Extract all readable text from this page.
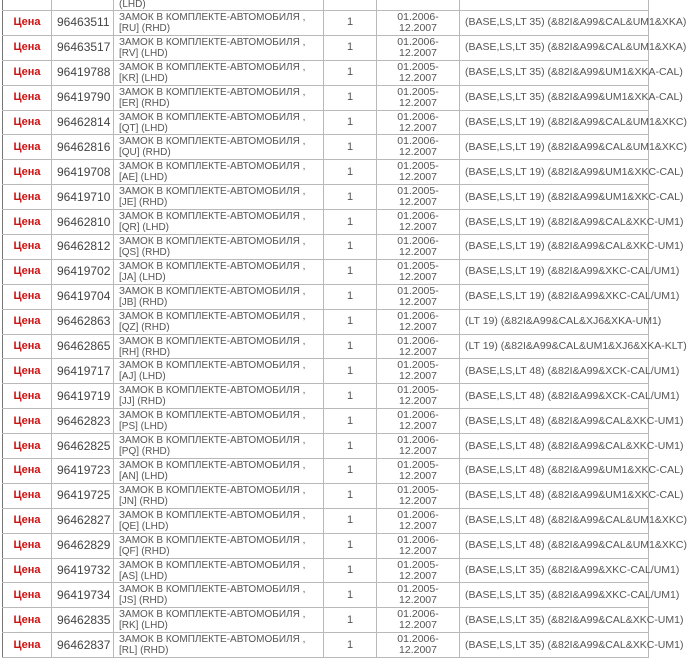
		(LHD)			
Цена	96463511	ЗАМОК В КОМПЛЕКТЕ-АВТОМОБИЛЯ ,[RU] (RHD)	1	01.2006-12.2007	(BASE,LS,LT 35) (&82I&A99&CAL&UM1&XKA)
Цена	96463517	ЗАМОК В КОМПЛЕКТЕ-АВТОМОБИЛЯ ,[RV] (LHD)	1	01.2006-12.2007	(BASE,LS,LT 35) (&82I&A99&CAL&UM1&XKA)
Цена	96419788	ЗАМОК В КОМПЛЕКТЕ-АВТОМОБИЛЯ ,[KR] (LHD)	1	01.2005-12.2007	(BASE,LS,LT 35) (&82I&A99&UM1&XKA-CAL)
Цена	96419790	ЗАМОК В КОМПЛЕКТЕ-АВТОМОБИЛЯ ,[ER] (RHD)	1	01.2005-12.2007	(BASE,LS,LT 35) (&82I&A99&UM1&XKA-CAL)
Цена	96462814	ЗАМОК В КОМПЛЕКТЕ-АВТОМОБИЛЯ ,[QT] (LHD)	1	01.2006-12.2007	(BASE,LS,LT 19) (&82I&A99&CAL&UM1&XKC)
Цена	96462816	ЗАМОК В КОМПЛЕКТЕ-АВТОМОБИЛЯ ,[QU] (RHD)	1	01.2006-12.2007	(BASE,LS,LT 19) (&82I&A99&CAL&UM1&XKC)
Цена	96419708	ЗАМОК В КОМПЛЕКТЕ-АВТОМОБИЛЯ ,[AE] (LHD)	1	01.2005-12.2007	(BASE,LS,LT 19) (&82I&A99&UM1&XKC-CAL)
Цена	96419710	ЗАМОК В КОМПЛЕКТЕ-АВТОМОБИЛЯ ,[JE] (RHD)	1	01.2005-12.2007	(BASE,LS,LT 19) (&82I&A99&UM1&XKC-CAL)
Цена	96462810	ЗАМОК В КОМПЛЕКТЕ-АВТОМОБИЛЯ ,[QR] (LHD)	1	01.2006-12.2007	(BASE,LS,LT 19) (&82I&A99&CAL&XKC-UM1)
Цена	96462812	ЗАМОК В КОМПЛЕКТЕ-АВТОМОБИЛЯ ,[QS] (RHD)	1	01.2006-12.2007	(BASE,LS,LT 19) (&82I&A99&CAL&XKC-UM1)
Цена	96419702	ЗАМОК В КОМПЛЕКТЕ-АВТОМОБИЛЯ ,[JA] (LHD)	1	01.2005-12.2007	(BASE,LS,LT 19) (&82I&A99&XKC-CAL/UM1)
Цена	96419704	ЗАМОК В КОМПЛЕКТЕ-АВТОМОБИЛЯ ,[JB] (RHD)	1	01.2005-12.2007	(BASE,LS,LT 19) (&82I&A99&XKC-CAL/UM1)
Цена	96462863	ЗАМОК В КОМПЛЕКТЕ-АВТОМОБИЛЯ ,[QZ] (RHD)	1	01.2006-12.2007	(LT 19) (&82I&A99&CAL&XJ6&XKA-UM1)
Цена	96462865	ЗАМОК В КОМПЛЕКТЕ-АВТОМОБИЛЯ ,[RH] (RHD)	1	01.2006-12.2007	(LT 19) (&82I&A99&CAL&UM1&XJ6&XKA-KLT)
Цена	96419717	ЗАМОК В КОМПЛЕКТЕ-АВТОМОБИЛЯ ,[AJ] (LHD)	1	01.2005-12.2007	(BASE,LS,LT 48) (&82I&A99&XCK-CAL/UM1)
Цена	96419719	ЗАМОК В КОМПЛЕКТЕ-АВТОМОБИЛЯ ,[JJ] (RHD)	1	01.2005-12.2007	(BASE,LS,LT 48) (&82I&A99&XCK-CAL/UM1)
Цена	96462823	ЗАМОК В КОМПЛЕКТЕ-АВТОМОБИЛЯ ,[PS] (LHD)	1	01.2006-12.2007	(BASE,LS,LT 48) (&82I&A99&CAL&XKC-UM1)
Цена	96462825	ЗАМОК В КОМПЛЕКТЕ-АВТОМОБИЛЯ ,[PQ] (RHD)	1	01.2006-12.2007	(BASE,LS,LT 48) (&82I&A99&CAL&XKC-UM1)
Цена	96419723	ЗАМОК В КОМПЛЕКТЕ-АВТОМОБИЛЯ ,[AN] (LHD)	1	01.2005-12.2007	(BASE,LS,LT 48) (&82I&A99&UM1&XKC-CAL)
Цена	96419725	ЗАМОК В КОМПЛЕКТЕ-АВТОМОБИЛЯ ,[JN] (RHD)	1	01.2005-12.2007	(BASE,LS,LT 48) (&82I&A99&UM1&XKC-CAL)
Цена	96462827	ЗАМОК В КОМПЛЕКТЕ-АВТОМОБИЛЯ ,[QE] (LHD)	1	01.2006-12.2007	(BASE,LS,LT 48) (&82I&A99&CAL&UM1&XKC)
Цена	96462829	ЗАМОК В КОМПЛЕКТЕ-АВТОМОБИЛЯ ,[QF] (RHD)	1	01.2006-12.2007	(BASE,LS,LT 48) (&82I&A99&CAL&UM1&XKC)
Цена	96419732	ЗАМОК В КОМПЛЕКТЕ-АВТОМОБИЛЯ ,[AS] (LHD)	1	01.2005-12.2007	(BASE,LS,LT 35) (&82I&A99&XKC-CAL/UM1)
Цена	96419734	ЗАМОК В КОМПЛЕКТЕ-АВТОМОБИЛЯ ,[JS] (RHD)	1	01.2005-12.2007	(BASE,LS,LT 35) (&82I&A99&XKC-CAL/UM1)
Цена	96462835	ЗАМОК В КОМПЛЕКТЕ-АВТОМОБИЛЯ ,[RK] (LHD)	1	01.2006-12.2007	(BASE,LS,LT 35) (&82I&A99&CAL&XKC-UM1)
Цена	96462837	ЗАМОК В КОМПЛЕКТЕ-АВТОМОБИЛЯ ,[RL] (RHD)	1	01.2006-12.2007	(BASE,LS,LT 35) (&82I&A99&CAL&XKC-UM1)
